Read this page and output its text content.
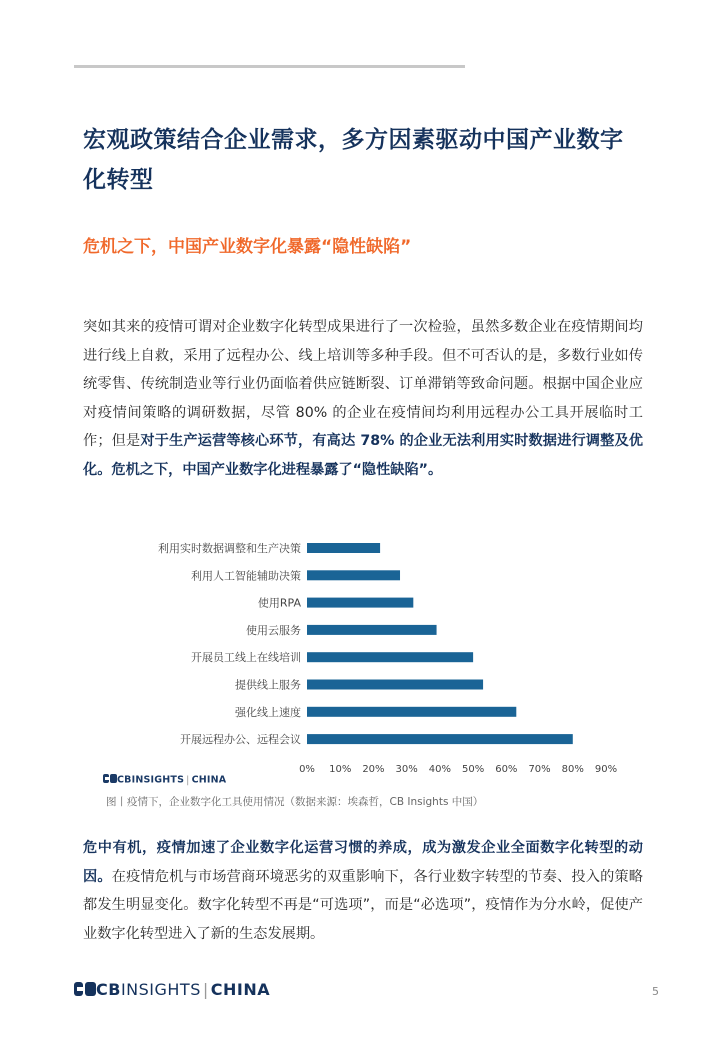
宏观政策结合企业需求，多方因素驱动中国产业数字化转型
危机之下，中国产业数字化暴露“隐性缺陷”
突如其来的疫情可谓对企业数字化转型成果进行了一次检验，虽然多数企业在疫情期间均进行线上自救，采用了远程办公、线上培训等多种手段。但不可否认的是，多数行业如传统零售、传统制造业等行业仍面临着供应链断裂、订单滞销等致命问题。根据中国企业应对疫情间策略的调研数据，尽管 80% 的企业在疫情间均利用远程办公工具开展临时工作；但是对于生产运营等核心环节，有高达 78% 的企业无法利用实时数据进行调整及优化。危机之下，中国产业数字化进程暴露了“隐性缺陷”。
利用实时数据调整和生产决策
利用人工智能辅助决策
使用RPA
使用云服务
开展员工线上在线培训
提供线上服务
强化线上速度
开展远程办公、远程会议
0% 10% 20% 30% 40% 50% 60% 70% 80% 90%
CBINSIGHTS | CHINA
图丨疫情下，企业数字化工具使用情况（数据来源：埃森哲，CB Insights 中国）
危中有机，疫情加速了企业数字化运营习惯的养成，成为激发企业全面数字化转型的动因。在疫情危机与市场营商环境恶劣的双重影响下，各行业数字转型的节奏、投入的策略都发生明显变化。数字化转型不再是“可选项”，而是“必选项”，疫情作为分水岭，促使产业数字化转型进入了新的生态发展期。
CBINSIGHTS | CHINA	5
